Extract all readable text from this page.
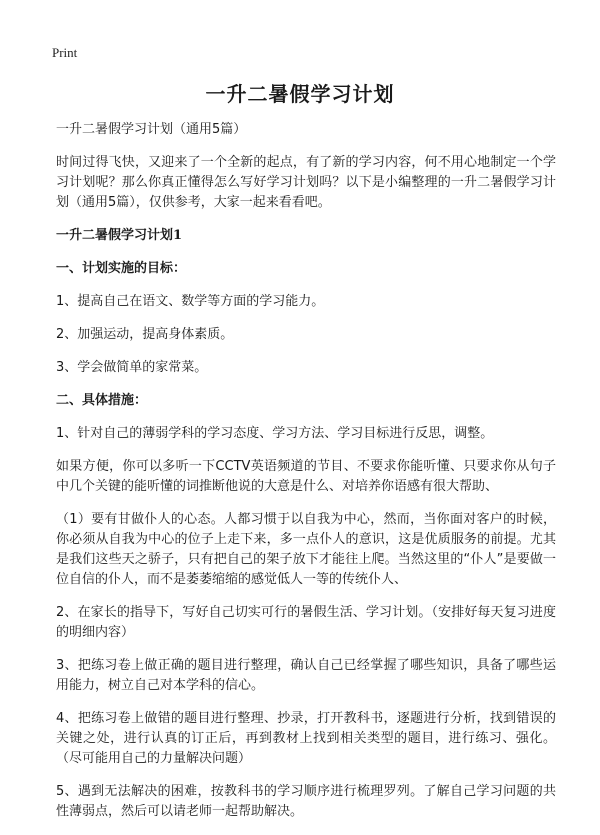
Print
一升二暑假学习计划

一升二暑假学习计划（通用5篇）

时间过得飞快，又迎来了一个全新的起点，有了新的学习内容，何不用心地制定一个学习计划呢？那么你真正懂得怎么写好学习计划吗？以下是小编整理的一升二暑假学习计划（通用5篇），仅供参考，大家一起来看看吧。

一升二暑假学习计划1

一、计划实施的目标：

1、提高自己在语文、数学等方面的学习能力。

2、加强运动，提高身体素质。

3、学会做简单的家常菜。

二、具体措施：

1、针对自己的薄弱学科的学习态度、学习方法、学习目标进行反思，调整。

如果方便，你可以多听一下CCTV英语频道的节目、不要求你能听懂、只要求你从句子中几个关键的能听懂的词推断他说的大意是什么、对培养你语感有很大帮助、

（1）要有甘做仆人的心态。人都习惯于以自我为中心，然而，当你面对客户的时候，你必须从自我为中心的位子上走下来，多一点仆人的意识，这是优质服务的前提。尤其是我们这些天之骄子，只有把自己的架子放下才能往上爬。当然这里的“仆人”是要做一位自信的仆人，而不是萎萎缩缩的感觉低人一等的传统仆人、

2、在家长的指导下，写好自己切实可行的暑假生活、学习计划。（安排好每天复习进度的明细内容）

3、把练习卷上做正确的题目进行整理，确认自己已经掌握了哪些知识，具备了哪些运用能力，树立自己对本学科的信心。

4、把练习卷上做错的题目进行整理、抄录，打开教科书，逐题进行分析，找到错误的关键之处，进行认真的订正后，再到教材上找到相关类型的题目，进行练习、强化。（尽可能用自己的力量解决问题）

5、遇到无法解决的困难，按教科书的学习顺序进行梳理罗列。了解自己学习问题的共性薄弱点，然后可以请老师一起帮助解决。
